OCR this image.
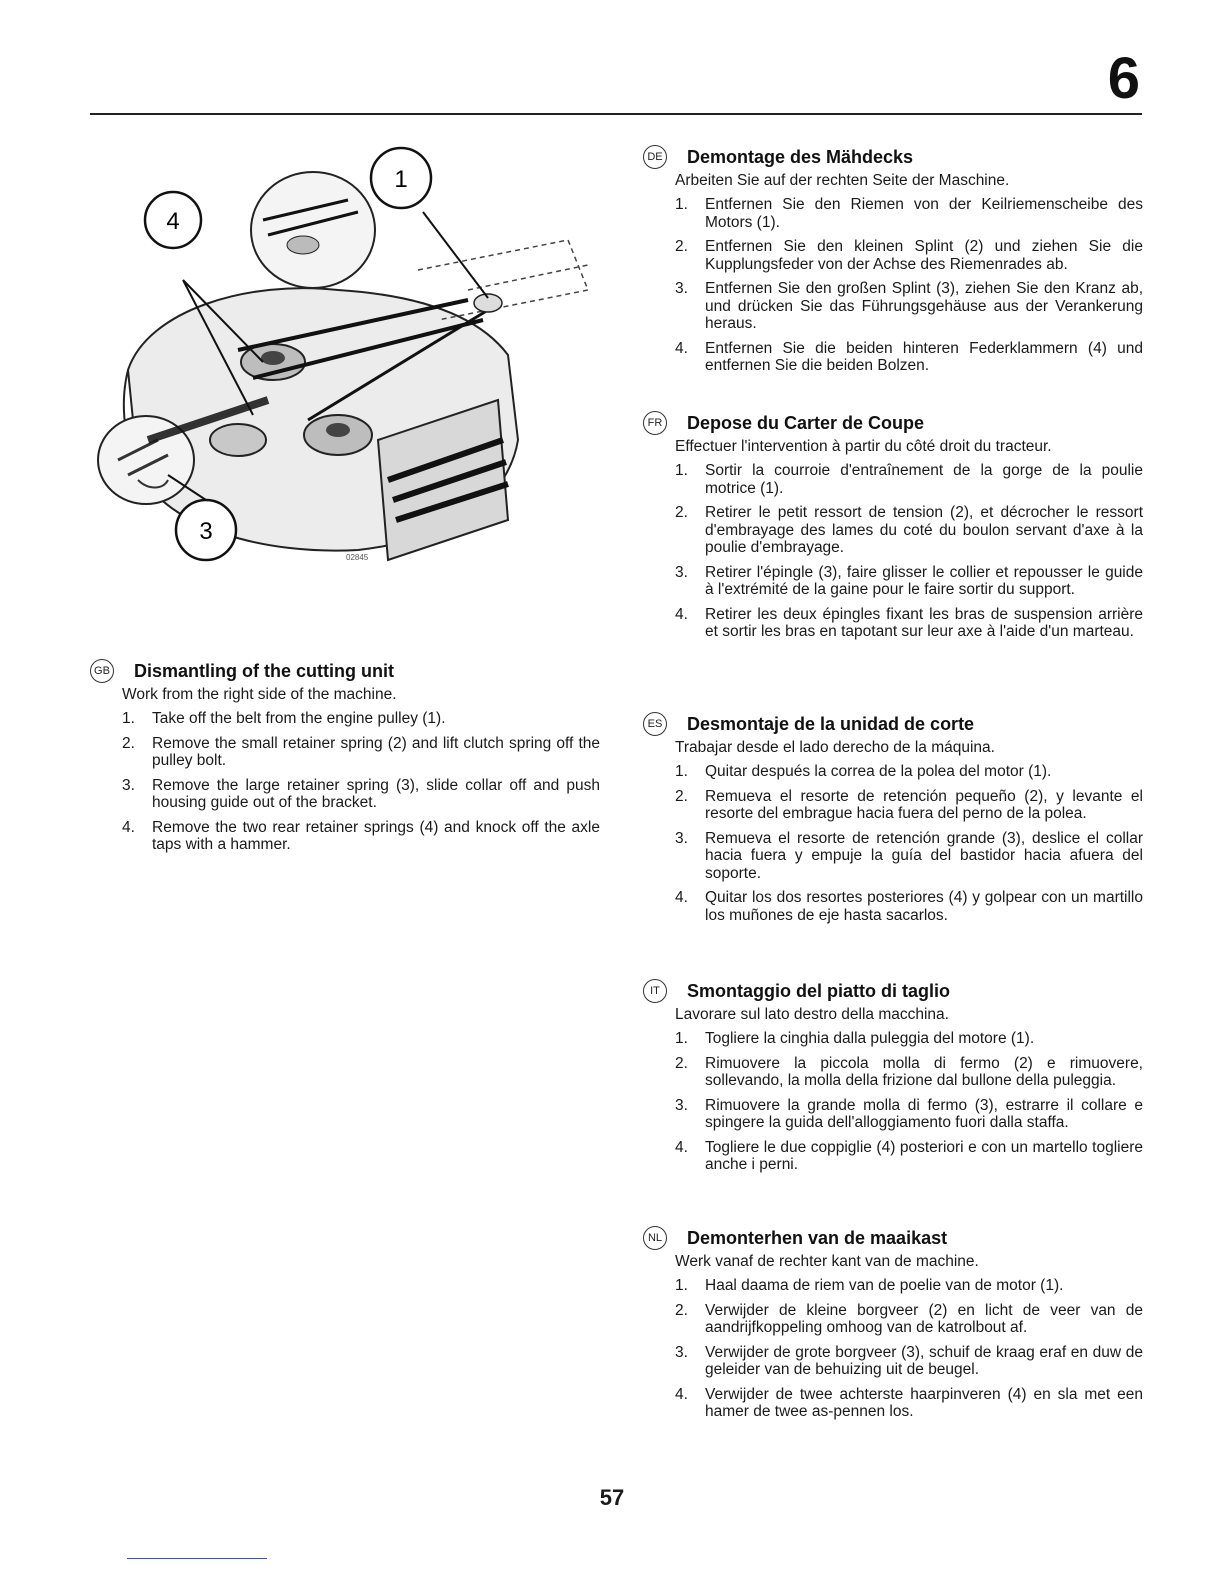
6
1
4
3
02845
GB Dismantling of the cutting unit
Work from the right side of the machine.
1.	Take off the belt from the engine pulley (1).
2.	Remove the small retainer spring (2) and lift clutch spring off the pulley bolt.
3.	Remove the large retainer spring (3), slide collar off and push housing guide out of the bracket.
4.	Remove the two rear retainer springs (4) and knock off the axle taps with a hammer.
DE Demontage des Mähdecks
Arbeiten Sie auf der rechten Seite der Maschine.
1.	Entfernen Sie den Riemen von der Keilriemenscheibe des Motors (1).
2.	Entfernen Sie den kleinen Splint (2) und ziehen Sie die Kupplungsfeder von der Achse des Riemenrades ab.
3.	Entfernen Sie den großen Splint (3), ziehen Sie den Kranz ab, und drücken Sie das Führungsgehäuse aus der Verankerung heraus.
4.	Entfernen Sie die beiden hinteren Federklammern (4) und entfernen Sie die beiden Bolzen.
FR Depose du Carter de Coupe
Effectuer l'intervention à partir du côté droit du tracteur.
1.	Sortir la courroie d'entraînement de la gorge de la poulie motrice (1).
2.	Retirer le petit ressort de tension (2), et décrocher le ressort d'embrayage des lames du coté du boulon servant d'axe à la poulie d'embrayage.
3.	Retirer l'épingle (3), faire glisser le collier et repousser le guide à l'extrémité de la gaine pour le faire sortir du support.
4.	Retirer les deux épingles fixant les bras de suspension arrière et sortir les bras en tapotant sur leur axe à l'aide d'un marteau.
ES Desmontaje de la unidad de corte
Trabajar desde el lado derecho de la máquina.
1.	Quitar después la correa de la polea del motor (1).
2.	Remueva el resorte de retención pequeño (2), y levante el resorte del embrague hacia fuera del perno de la polea.
3.	Remueva el resorte de retención grande (3), deslice el collar hacia fuera y empuje la guía del bastidor hacia afuera del soporte.
4.	Quitar los dos resortes posteriores (4) y golpear con un martillo los muñones de eje hasta sacarlos.
IT	Smontaggio del piatto di taglio
Lavorare sul lato destro della macchina.
1.	Togliere la cinghia dalla puleggia del motore (1).
2.	Rimuovere la piccola molla di fermo (2) e rimuovere, sollevando, la molla della frizione dal bullone della puleggia.
3.	Rimuovere la grande molla di fermo (3), estrarre il collare e spingere la guida dell'alloggiamento fuori dalla staffa.
4.	Togliere le due coppiglie (4) posteriori e con un martello togliere anche i perni.
NL Demonterhen van de maaikast
Werk vanaf de rechter kant van de machine.
1.	Haal daama de riem van de poelie van de motor (1).
2.	Verwijder de kleine borgveer (2) en licht de veer van de aandrijfkoppeling omhoog van de katrolbout af.
3.	Verwijder de grote borgveer (3), schuif de kraag eraf en duw de geleider van de behuizing uit de beugel.
4.	Verwijder de twee achterste haarpinveren (4) en sla met een hamer de twee as-pennen los.
57
